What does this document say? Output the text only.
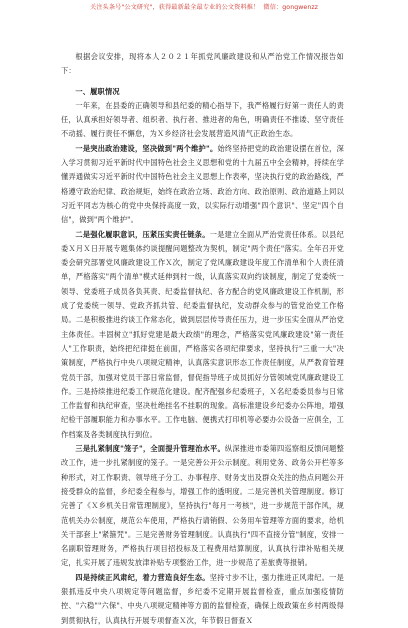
关注头条号"公文研究"，获得最新最全最专业的公文资料推！ 微信：gongwenzz

根据会议安排，现将本人２０２１年抓党风廉政建设和从严治党工作情况报告如下：

一、履职情况

一年来，在县委的正确领导和县纪委的精心指导下，我严格履行好第一责任人的责任，认真承担好领导者、组织者、执行者、推进者的角色，明确责任不推诿、坚守责任不动摇、履行责任不懈怠，为Ｘ乡经济社会发展营造风清气正政治生态。

一是突出政治建设，坚决做到"两个维护"。始终坚持把党的政治建设摆在首位，深入学习贯彻习近平新时代中国特色社会主义思想和党的十九届五中全会精神，持续在学懂弄通做实习近平新时代中国特色社会主义思想上作表率，坚决执行党的政治路线，严格遵守政治纪律、政治规矩，始终在政治立场、政治方向、政治原则、政治道路上同以习近平同志为核心的党中央保持高度一致，以实际行动增强"四个意识"、坚定"四个自信"，做到"两个维护"。

二是强化履职意识，压紧压实责任链条。一是建立全面从严治党责任体系。以县纪委Ｘ月Ｘ日开展专题集体约谈提醒问题整改为契机，制定"两个责任"落实。全年召开党委会研究部署党风廉政建设工作Ｘ次，制定了党风廉政建设年度工作清单和个人责任清单，严格落实"两个清单"模式延伸到村一级，认真落实双向约谈制度，制定了党委统一领导、党委班子成员各负其责、纪委监督执纪、各方配合的党风廉政建设工作机制，形成了党委统一领导、党政齐抓共管、纪委监督执纪，发动群众参与的管党治党工作格局。二是积极推进约谈工作常态化，做到层层传导责任压力，进一步压实全面从严治党主体责任。丰固树立"抓好党建是最大政绩"的理念，严格落实党风廉政建设"第一责任人"工作职责，始终把纪律挺在前面，严格落实各项纪律要求，坚持执行"三重一大"决策制度，严格执行中央八项规定精神，认真落实意识形态工作责任制度，从严教育管理党员干部，加强对党员干部日常监督，督促指导班子成员抓好分管领域党风廉政建设工作。三是持续推进纪委工作规范化建设。配齐配强乡纪委班子，Ｘ名纪委委员参与日常工作监督和执纪审查，坚决杜绝挂名不挂职的现象。高标准建设乡纪委办公阵地，增强纪检干部履职能力和办事水平。工作电脑、便携式打印机等必要办公设备一应俱全，工作档案及各类制度执行到位。

三是扎紧制度"笼子"，全面提升管理治水平。纵深推进市委第四巡察组反馈问题整改工作，进一步扎紧制度的笼子。一是完善公开公示制度。利用党务、政务公开栏等多种形式，对工作职责、领导班子分工、办事程序、财务支出及群众关注的热点问题公开接受群众的监督，乡纪委全程参与，增强工作的透明度。二是完善机关管理制度。修订完善了《Ｘ乡机关日常管理制度》，坚持执行"每月一考核"，进一步规范干部作风，规范机关办公制度，规范公车使用，严格执行请销假、公务用车管理等方面的要求，给机关干部套上"紧箍咒"。三是完善财务管理制度。认真执行"四不直接分管"制度，安排一名副职管理财务，严格执行项目招投标及工程费用结算制度，认真执行津补贴相关规定，扎实开展了违规发放津补贴专项整治工作，进一步规范了差旅费等报销。

四是持续正风肃纪，着力营造良好生态。坚持寸步不让，强力推进正风肃纪。一是狠抓违反中央八项规定等问题监督，乡纪委不定期开展监督检查，重点加强疫情防控、"六稳""六保"、中央八项规定精神等方面的监督检查，确保上级政策在乡村两级得到贯彻执行，认真执行开展专项督查Ｘ次，年节假日督查Ｘ
